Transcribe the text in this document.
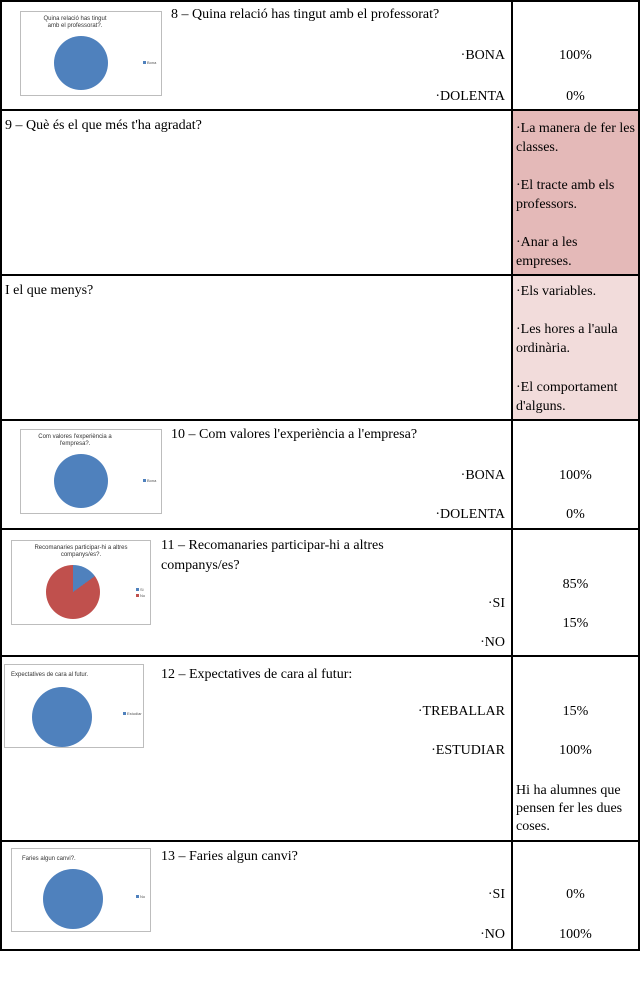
Quina relació has tingut amb el professorat?.
Bona
8 – Quina relació has tingut amb el professorat?
·BONA
·DOLENTA
100%
0%
9 – Què és el que més t'ha agradat?	·La manera de fer les classes.
·El tracte amb els professors.
·Anar a les empreses.
I el que menys?	·Els variables.
·Les hores a l'aula ordinària.
·El comportament d'alguns.
Com valores l'experiència a l'empresa?.
Bona
10 – Com valores l'experiència a l'empresa?
·BONA
·DOLENTA
100%
0%
Recomanaries participar-hi a altres companys/es?.
Si
No
11 – Recomanaries participar-hi a altres companys/es?
·SI
·NO
85%
15%
Expectatives de cara al futur.
Estudiar
12 – Expectatives de cara al futur:
·TREBALLAR
·ESTUDIAR
15%
100%
Hi ha alumnes que pensen fer les dues coses.
Faries algun canvi?.
No
13 – Faries algun canvi?
·SI
·NO
0%
100%
